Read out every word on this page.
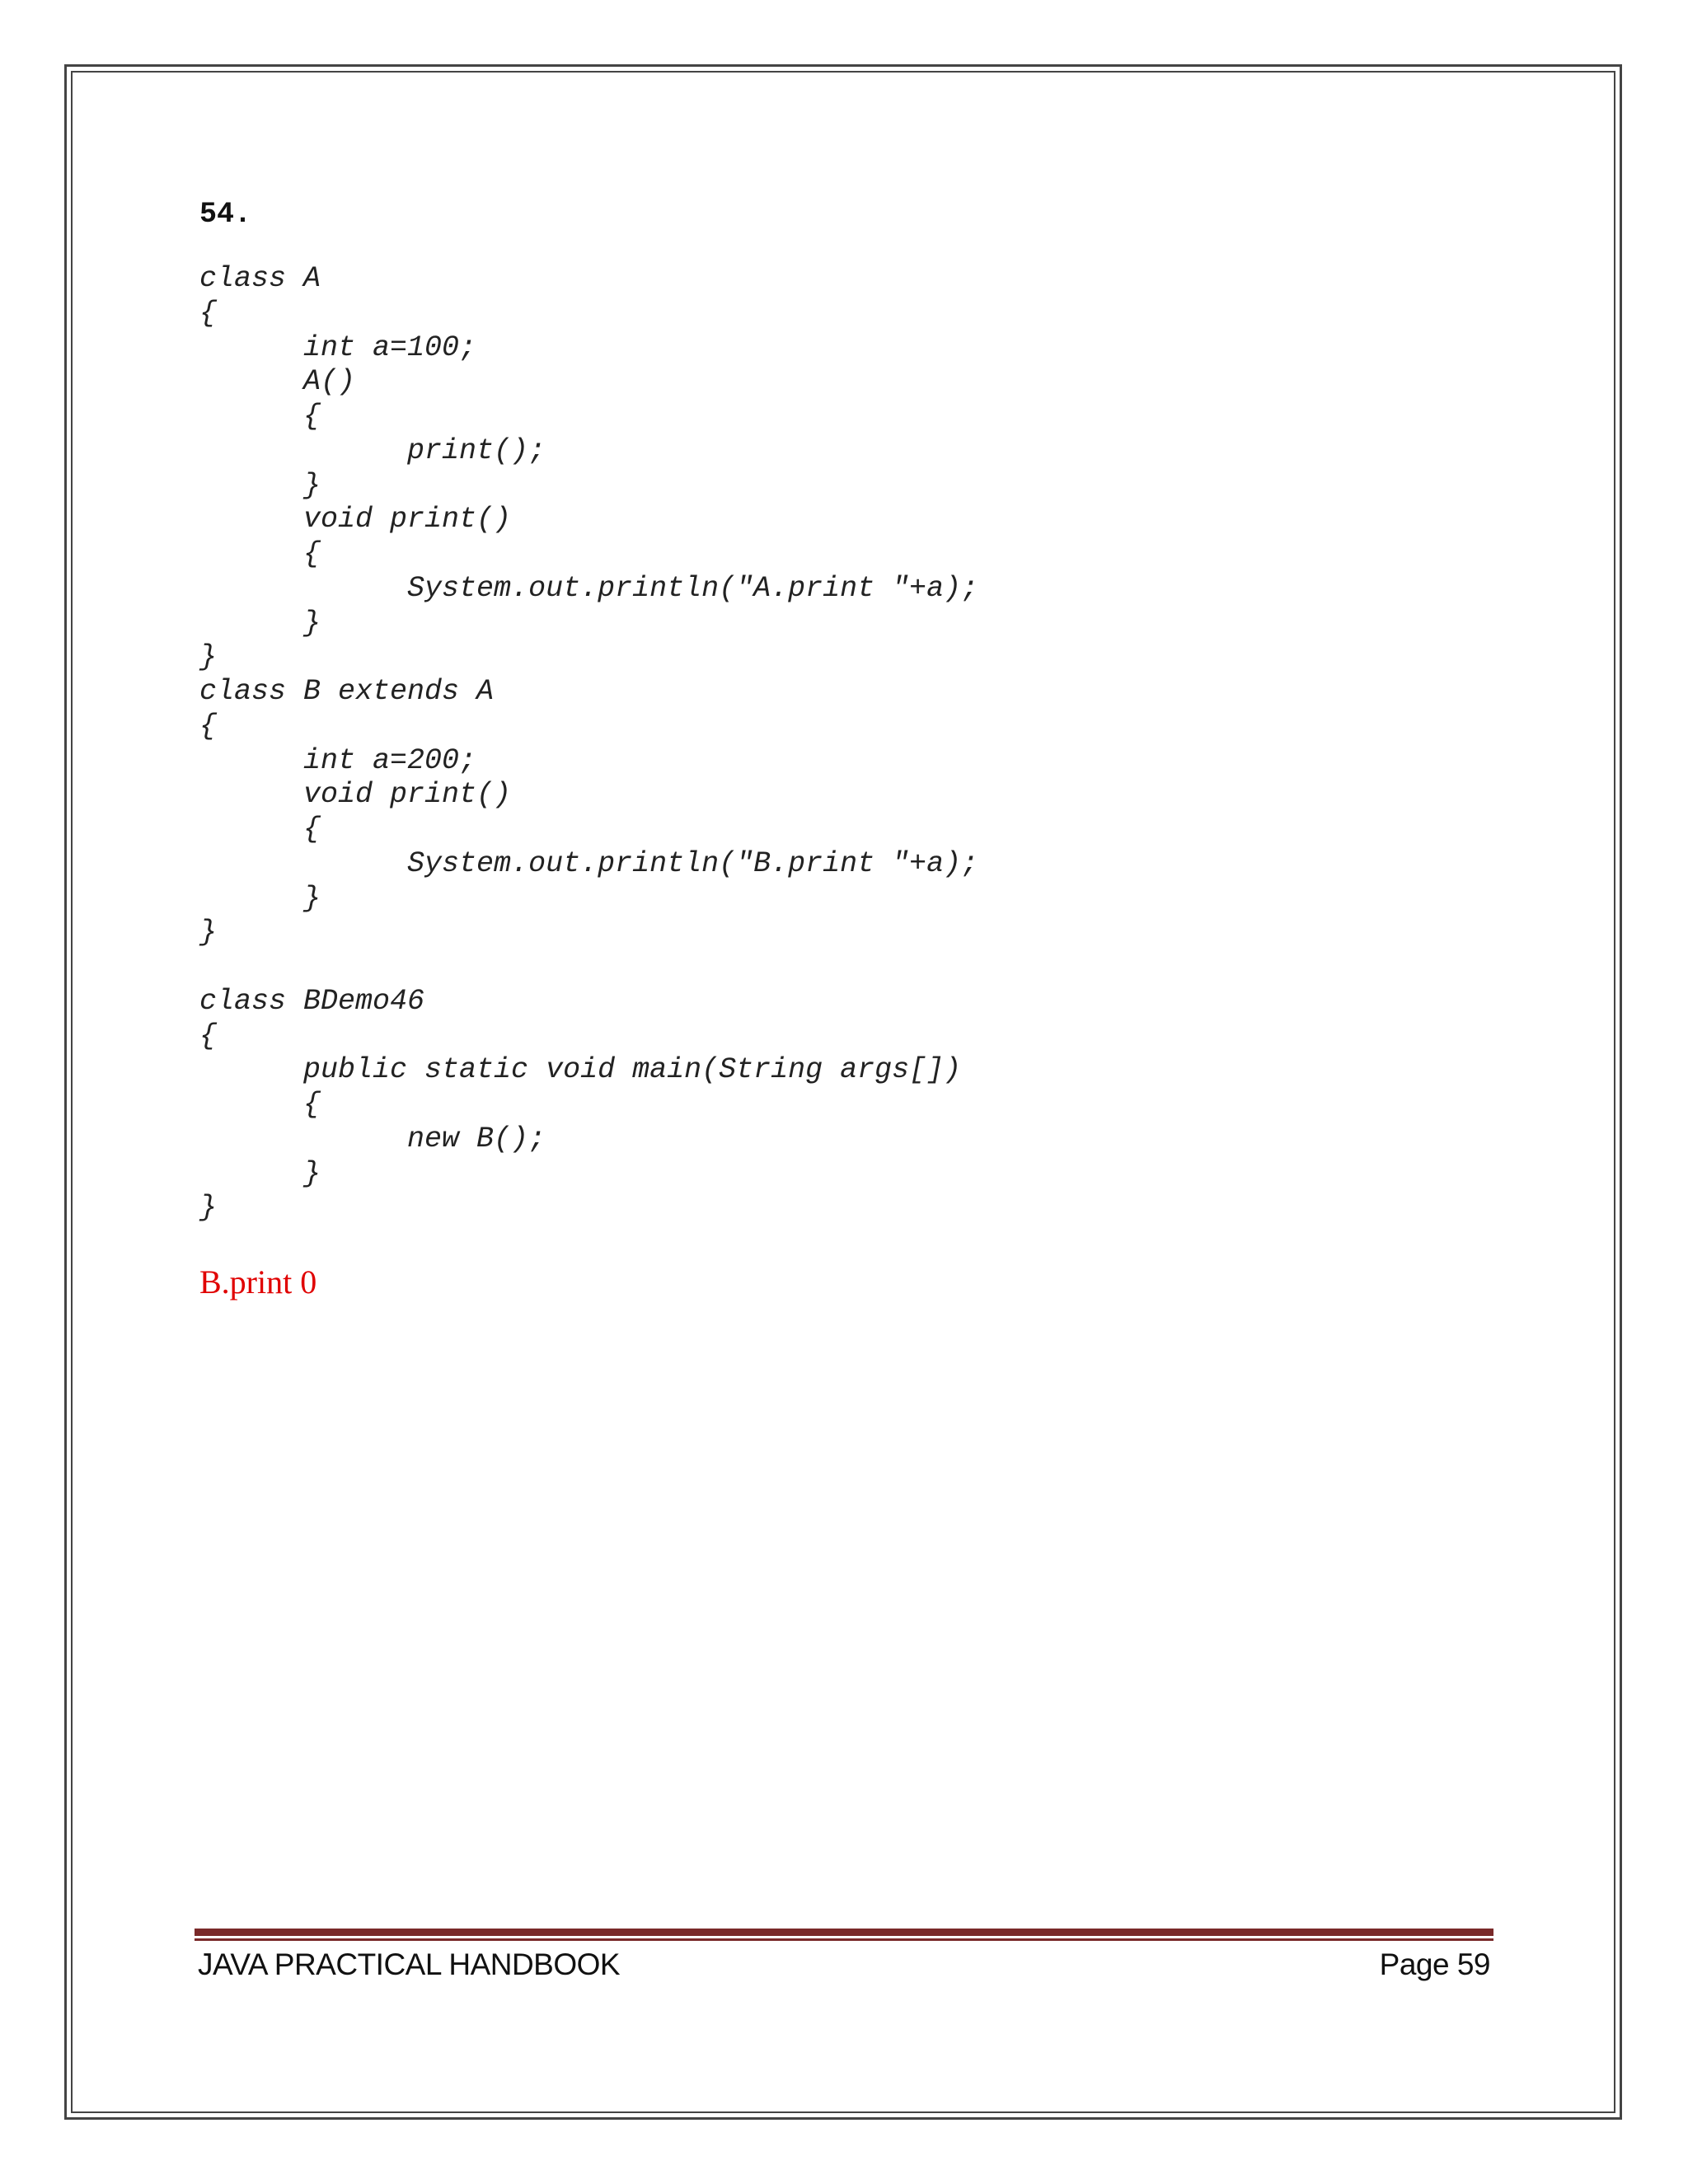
54.

class A
{
int a=100;
A()
{
print();
}
void print()
{
System.out.println("A.print "+a);
}
}
class B extends A
{
int a=200;
void print()
{
System.out.println("B.print "+a);
}
}
class BDemo46
{
public static void main(String args[])
{
new B();
}
}

B.print 0

JAVA PRACTICAL HANDBOOK	Page 59
